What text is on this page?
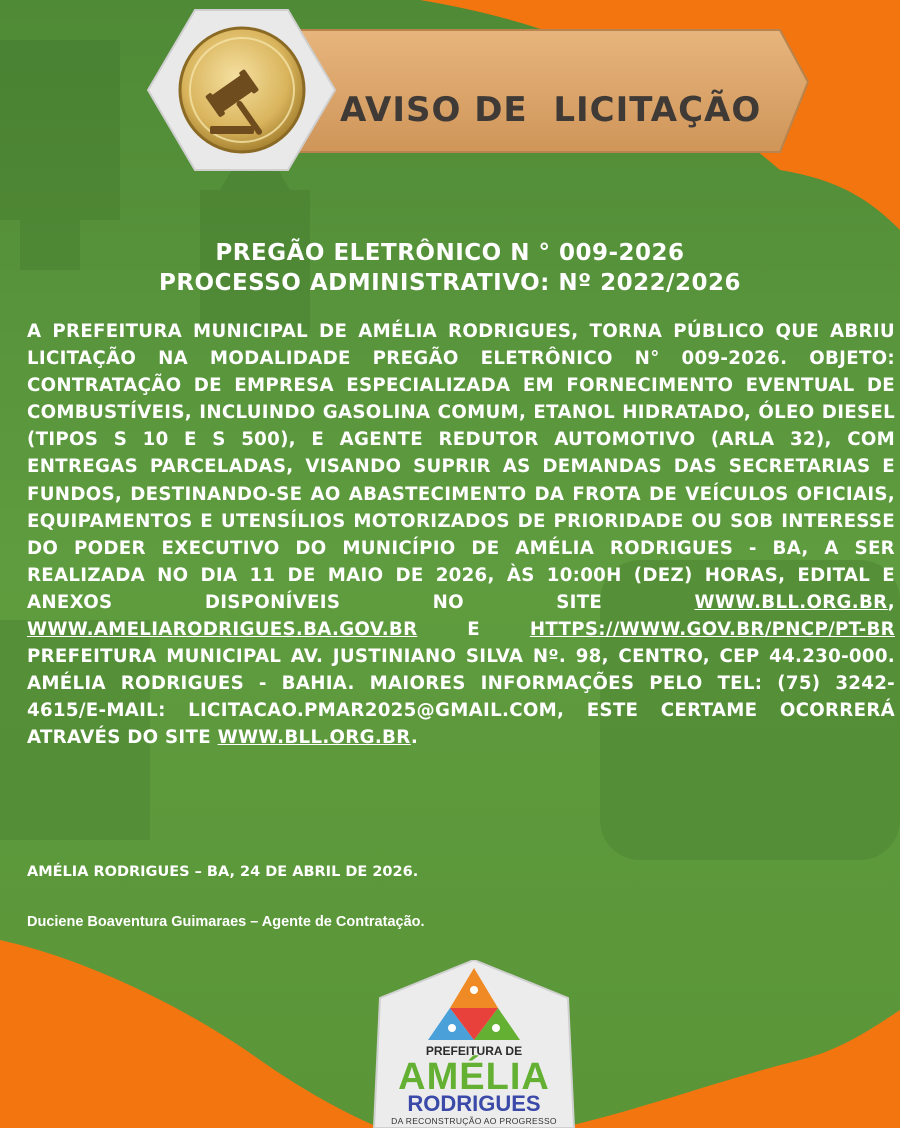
AVISO DE  LICITAÇÃO
PREGÃO ELETRÔNICO N ° 009-2026
PROCESSO ADMINISTRATIVO: Nº 2022/2026
A PREFEITURA MUNICIPAL DE AMÉLIA RODRIGUES, TORNA PÚBLICO QUE ABRIU LICITAÇÃO NA MODALIDADE PREGÃO ELETRÔNICO N° 009-2026. OBJETO: CONTRATAÇÃO DE EMPRESA ESPECIALIZADA EM FORNECIMENTO EVENTUAL DE COMBUSTÍVEIS, INCLUINDO GASOLINA COMUM, ETANOL HIDRATADO, ÓLEO DIESEL (TIPOS S 10 E S 500), E AGENTE REDUTOR AUTOMOTIVO (ARLA 32), COM ENTREGAS PARCELADAS, VISANDO SUPRIR AS DEMANDAS DAS SECRETARIAS E FUNDOS, DESTINANDO-SE AO ABASTECIMENTO DA FROTA DE VEÍCULOS OFICIAIS, EQUIPAMENTOS E UTENSÍLIOS MOTORIZADOS DE PRIORIDADE OU SOB INTERESSE DO PODER EXECUTIVO DO MUNICÍPIO DE AMÉLIA RODRIGUES - BA, A SER REALIZADA NO DIA 11 DE MAIO DE 2026, ÀS 10:00H (DEZ) HORAS, EDITAL E ANEXOS DISPONÍVEIS NO SITE WWW.BLL.ORG.BR, WWW.AMELIARODRIGUES.BA.GOV.BR E HTTPS://WWW.GOV.BR/PNCP/PT-BR PREFEITURA MUNICIPAL AV. JUSTINIANO SILVA Nº. 98, CENTRO, CEP 44.230-000. AMÉLIA RODRIGUES - BAHIA. MAIORES INFORMAÇÕES PELO TEL: (75) 3242-4615/E-MAIL: LICITACAO.PMAR2025@GMAIL.COM, ESTE CERTAME OCORRERÁ ATRAVÉS DO SITE WWW.BLL.ORG.BR.
AMÉLIA RODRIGUES – BA, 24 DE ABRIL DE 2026.
Duciene Boaventura Guimaraes – Agente de Contratação.
PREFEITURA DE
AMÉLIA
RODRIGUES
DA RECONSTRUÇÃO AO PROGRESSO
